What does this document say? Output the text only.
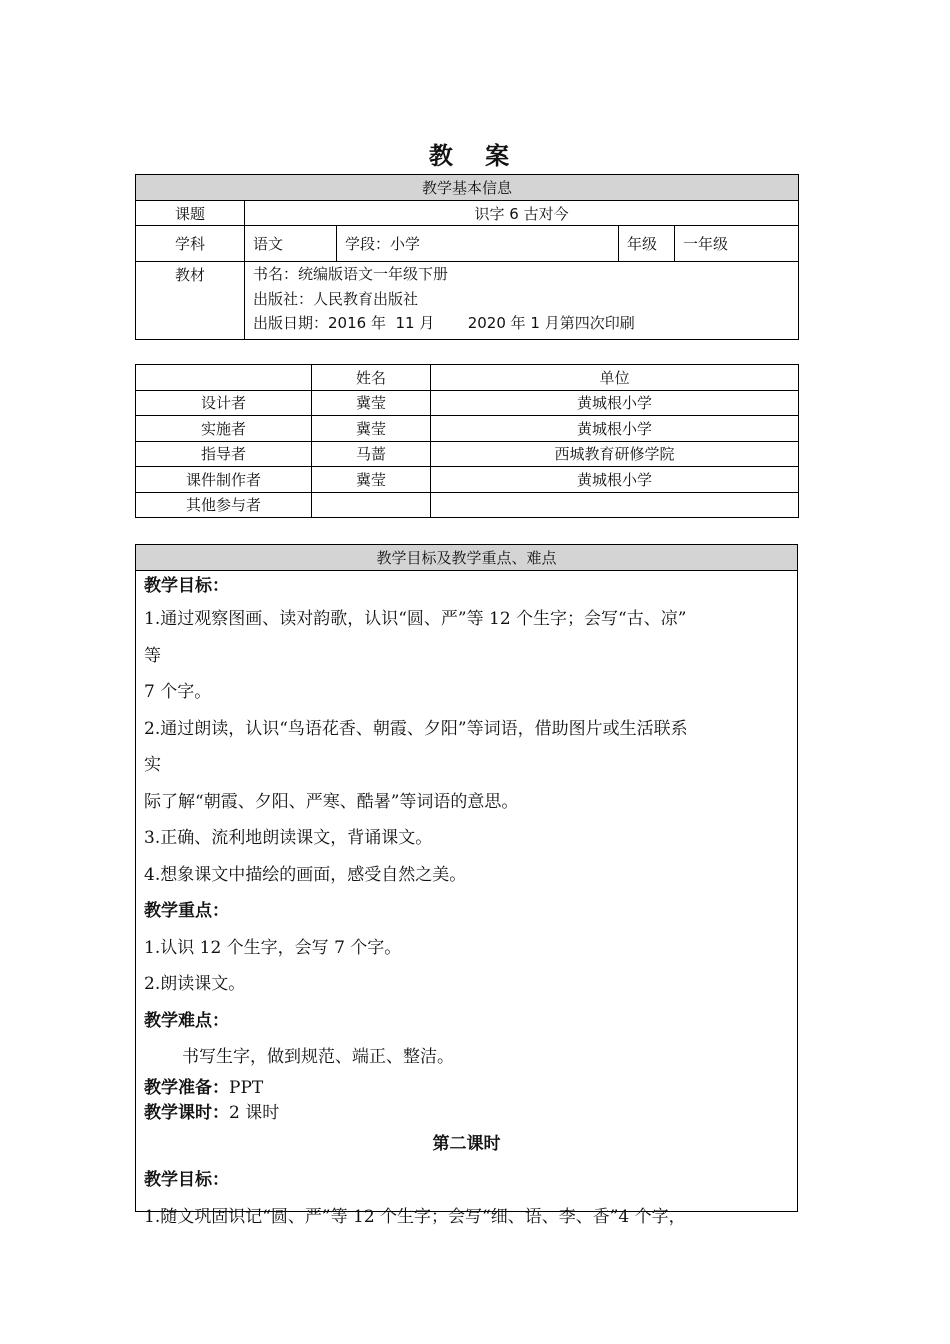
教 案
教学基本信息				
课题	识字 6 古对今			
学科	语文	学段：小学	年级	一年级
教材	书名：统编版语文一年级下册
出版社：人民教育出版社
出版日期：2016 年  11 月       2020 年 1 月第四次印刷			
	姓名	单位
设计者	冀莹	黄城根小学
实施者	冀莹	黄城根小学
指导者	马蔷	西城教育研修学院
课件制作者	冀莹	黄城根小学
其他参与者		
教学目标及教学重点、难点

教学目标：
1.通过观察图画、读对韵歌，认识“圆、严”等 12 个生字；会写“古、凉”
等
7 个字。
2.通过朗读，认识“鸟语花香、朝霞、夕阳”等词语，借助图片或生活联系
实
际了解“朝霞、夕阳、严寒、酷暑”等词语的意思。
3.正确、流利地朗读课文，背诵课文。
4.想象课文中描绘的画面，感受自然之美。
教学重点：
1.认识 12 个生字，会写 7 个字。
2.朗读课文。
教学难点：
书写生字，做到规范、端正、整洁。
教学准备：PPT
教学课时：2 课时
第二课时
教学目标：
1.随文巩固识记“圆、严”等 12 个生字；会写“细、语、李、香”4 个字，
